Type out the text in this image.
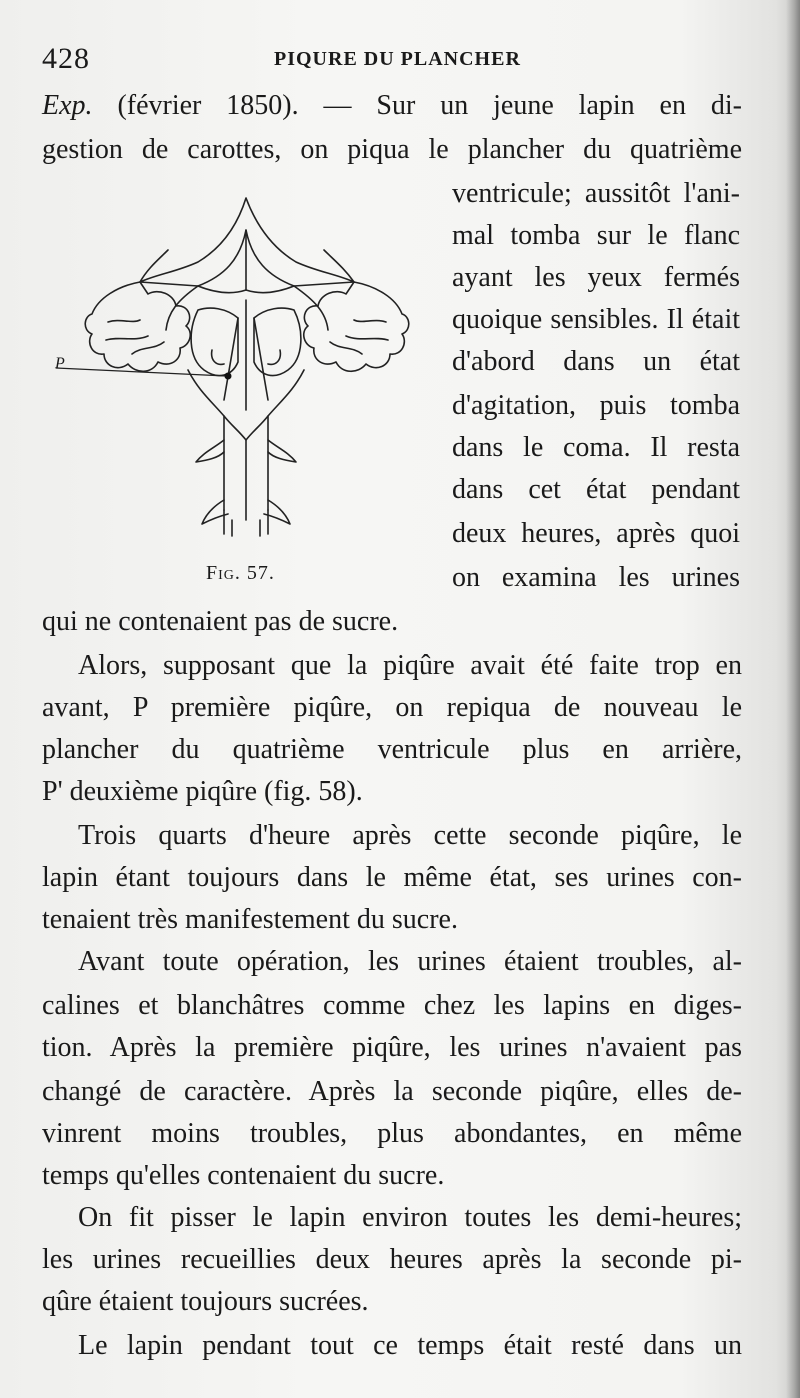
428	PIQURE DU PLANCHER
Exp. (février 1850). — Sur un jeune lapin en di-
gestion de carottes, on piqua le plancher du quatrième
ventricule; aussitôt l'ani-
mal tomba sur le flanc
ayant les yeux fermés
quoique sensibles. Il était
d'abord dans un état
d'agitation, puis tomba
dans le coma. Il resta
dans cet état pendant
deux heures, après quoi
on examina les urines
P
Fig. 57.
qui ne contenaient pas de sucre.
Alors, supposant que la piqûre avait été faite trop en
avant, P première piqûre, on repiqua de nouveau le
plancher du quatrième ventricule plus en arrière,
P' deuxième piqûre (fig. 58).
Trois quarts d'heure après cette seconde piqûre, le
lapin étant toujours dans le même état, ses urines con-
tenaient très manifestement du sucre.
Avant toute opération, les urines étaient troubles, al-
calines et blanchâtres comme chez les lapins en diges-
tion. Après la première piqûre, les urines n'avaient pas
changé de caractère. Après la seconde piqûre, elles de-
vinrent moins troubles, plus abondantes, en même
temps qu'elles contenaient du sucre.
On fit pisser le lapin environ toutes les demi-heures;
les urines recueillies deux heures après la seconde pi-
qûre étaient toujours sucrées.
Le lapin pendant tout ce temps était resté dans un
